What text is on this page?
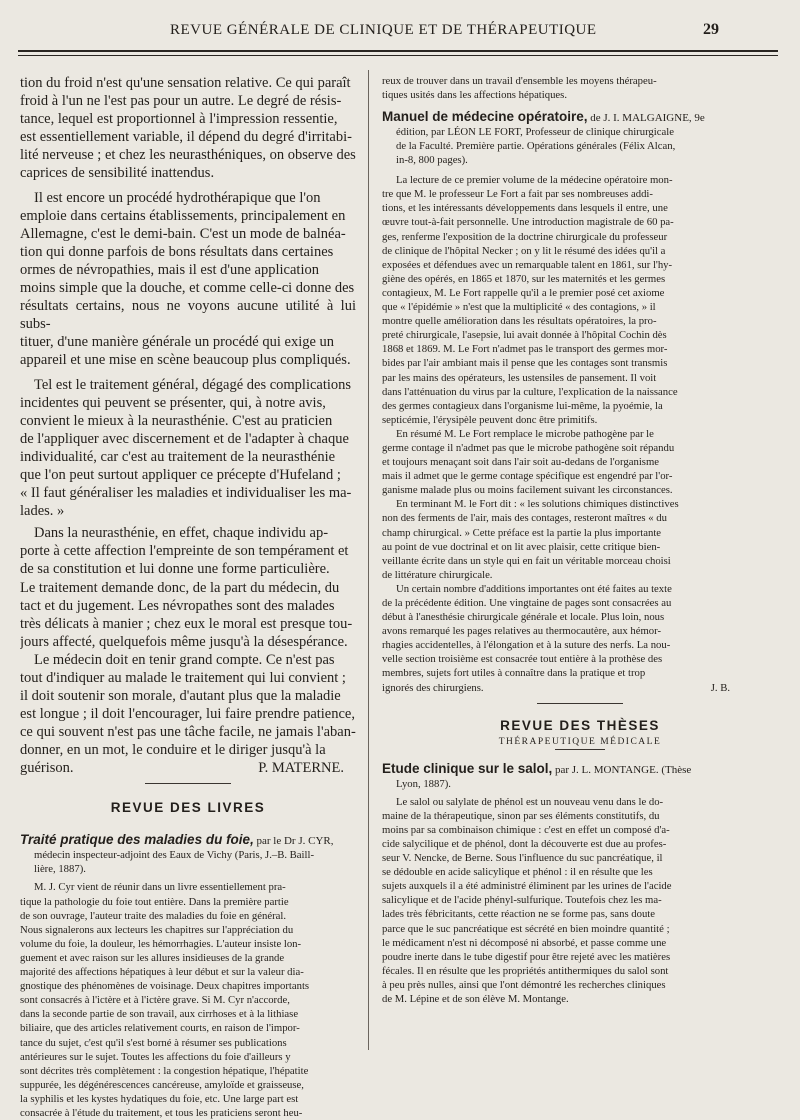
REVUE GÉNÉRALE DE CLINIQUE ET DE THÉRAPEUTIQUE	29
tion du froid n'est qu'une sensation relative. Ce qui paraît
froid à l'un ne l'est pas pour un autre. Le degré de résis-
tance, lequel est proportionnel à l'impression ressentie,
est essentiellement variable, il dépend du degré d'irritabi-
lité nerveuse ; et chez les neurasthéniques, on observe des
caprices de sensibilité inattendus.
Il est encore un procédé hydrothérapique que l'on
emploie dans certains établissements, principalement en
Allemagne, c'est le demi-bain. C'est un mode de balnéa-
tion qui donne parfois de bons résultats dans certaines
ormes de névropathies, mais il est d'une application
moins simple que la douche, et comme celle-ci donne des
résultats certains, nous ne voyons aucune utilité à lui subs-
tituer, d'une manière générale un procédé qui exige un
appareil et une mise en scène beaucoup plus compliqués.
Tel est le traitement général, dégagé des complications
incidentes qui peuvent se présenter, qui, à notre avis,
convient le mieux à la neurasthénie. C'est au praticien
de l'appliquer avec discernement et de l'adapter à chaque
individualité, car c'est au traitement de la neurasthénie
que l'on peut surtout appliquer ce précepte d'Hufeland ;
« Il faut généraliser les maladies et individualiser les ma-
lades. »
Dans la neurasthénie, en effet, chaque individu ap-
porte à cette affection l'empreinte de son tempérament et
de sa constitution et lui donne une forme particulière.
Le traitement demande donc, de la part du médecin, du
tact et du jugement. Les névropathes sont des malades
très délicats à manier ; chez eux le moral est presque tou-
jours affecté, quelquefois même jusqu'à la désespérance.
Le médecin doit en tenir grand compte. Ce n'est pas
tout d'indiquer au malade le traitement qui lui convient ;
il doit soutenir son morale, d'autant plus que la maladie
est longue ; il doit l'encourager, lui faire prendre patience,
ce qui souvent n'est pas une tâche facile, ne jamais l'aban-
donner, en un mot, le conduire et le diriger jusqu'à la
guérison.	P. MATERNE.
REVUE DES LIVRES
Traité pratique des maladies du foie, par le Dr J. CYR,
médecin inspecteur-adjoint des Eaux de Vichy (Paris, J.–B. Baill-
lière, 1887).
M. J. Cyr vient de réunir dans un livre essentiellement pra-
tique la pathologie du foie tout entière. Dans la première partie
de son ouvrage, l'auteur traite des maladies du foie en général.
Nous signalerons aux lecteurs les chapitres sur l'appréciation du
volume du foie, la douleur, les hémorrhagies. L'auteur insiste lon-
guement et avec raison sur les allures insidieuses de la grande
majorité des affections hépatiques à leur début et sur la valeur dia-
gnostique des phénomènes de voisinage. Deux chapitres importants
sont consacrés à l'ictère et à l'ictère grave. Si M. Cyr n'accorde,
dans la seconde partie de son travail, aux cirrhoses et à la lithiase
biliaire, que des articles relativement courts, en raison de l'impor-
tance du sujet, c'est qu'il s'est borné à résumer ses publications
antérieures sur le sujet. Toutes les affections du foie d'ailleurs y
sont décrites très complètement : la congestion hépatique, l'hépatite
suppurée, les dégénérescences cancéreuse, amyloïde et graisseuse,
la syphilis et les kystes hydatiques du foie, etc. Une large part est
consacrée à l'étude du traitement, et tous les praticiens seront heu-
reux de trouver dans un travail d'ensemble les moyens thérapeu-
tiques usités dans les affections hépatiques.
Manuel de médecine opératoire, de J. I. MALGAIGNE, 9e
édition, par LÉON LE FORT, Professeur de clinique chirurgicale
de la Faculté. Première partie. Opérations générales (Félix Alcan,
in-8, 800 pages).
La lecture de ce premier volume de la médecine opératoire mon-
tre que M. le professeur Le Fort a fait par ses nombreuses addi-
tions, et les intéressants développements dans lesquels il entre, une
œuvre tout-à-fait personnelle. Une introduction magistrale de 60 pa-
ges, renferme l'exposition de la doctrine chirurgicale du professeur
de clinique de l'hôpital Necker ; on y lit le résumé des idées qu'il a
exposées et défendues avec un remarquable talent en 1861, sur l'hy-
giène des opérés, en 1865 et 1870, sur les maternités et les germes
contagieux, M. Le Fort rappelle qu'il a le premier posé cet axiome
que « l'épidémie » n'est que la multiplicité « des contagions, » il
montre quelle amélioration dans les résultats opératoires, la pro-
preté chirurgicale, l'asepsie, lui avait donnée à l'hôpital Cochin dès
1868 et 1869. M. Le Fort n'admet pas le transport des germes mor-
bides par l'air ambiant mais il pense que les contages sont transmis
par les mains des opérateurs, les ustensiles de pansement. Il voit
dans l'atténuation du virus par la culture, l'explication de la naissance
des germes contagieux dans l'organisme lui-même, la pyoémie, la
septicémie, l'érysipèle peuvent donc être primitifs.
En résumé M. Le Fort remplace le microbe pathogène par le
germe contage il n'admet pas que le microbe pathogène soit répandu
et toujours menaçant soit dans l'air soit au-dedans de l'organisme
mais il admet que le germe contage spécifique est engendré par l'or-
ganisme malade plus ou moins facilement suivant les circonstances.
En terminant M. le Fort dit : « les solutions chimiques distinctives
non des ferments de l'air, mais des contages, resteront maîtres « du
champ chirurgical. » Cette préface est la partie la plus importante
au point de vue doctrinal et on lit avec plaisir, cette critique bien-
veillante écrite dans un style qui en fait un véritable morceau choisi
de littérature chirurgicale.
Un certain nombre d'additions importantes ont été faites au texte
de la précédente édition. Une vingtaine de pages sont consacrées au
début à l'anesthésie chirurgicale générale et locale. Plus loin, nous
avons remarqué les pages relatives au thermocautère, aux hémor-
rhagies accidentelles, à l'élongation et à la suture des nerfs. La nou-
velle section troisième est consacrée tout entière à la prothèse des
membres, sujets fort utiles à connaître dans la pratique et trop
ignorés des chirurgiens.	J. B.
REVUE DES THÈSES
THÉRAPEUTIQUE MÉDICALE
Etude clinique sur le salol, par J. L. MONTANGE. (Thèse
Lyon, 1887).
Le salol ou salylate de phénol est un nouveau venu dans le do-
maine de la thérapeutique, sinon par ses éléments constitutifs, du
moins par sa combinaison chimique : c'est en effet un composé d'a-
cide salycilique et de phénol, dont la découverte est due au profes-
seur V. Nencke, de Berne. Sous l'influence du suc pancréatique, il
se dédouble en acide salicylique et phénol : il en résulte que les
sujets auxquels il a été administré éliminent par les urines de l'acide
salicylique et de l'acide phényl-sulfurique. Toutefois chez les ma-
lades très fébricitants, cette réaction ne se forme pas, sans doute
parce que le suc pancréatique est sécrété en bien moindre quantité ;
le médicament n'est ni décomposé ni absorbé, et passe comme une
poudre inerte dans le tube digestif pour être rejeté avec les matières
fécales. Il en résulte que les propriétés antithermiques du salol sont
à peu près nulles, ainsi que l'ont démontré les recherches cliniques
de M. Lépine et de son élève M. Montange.
